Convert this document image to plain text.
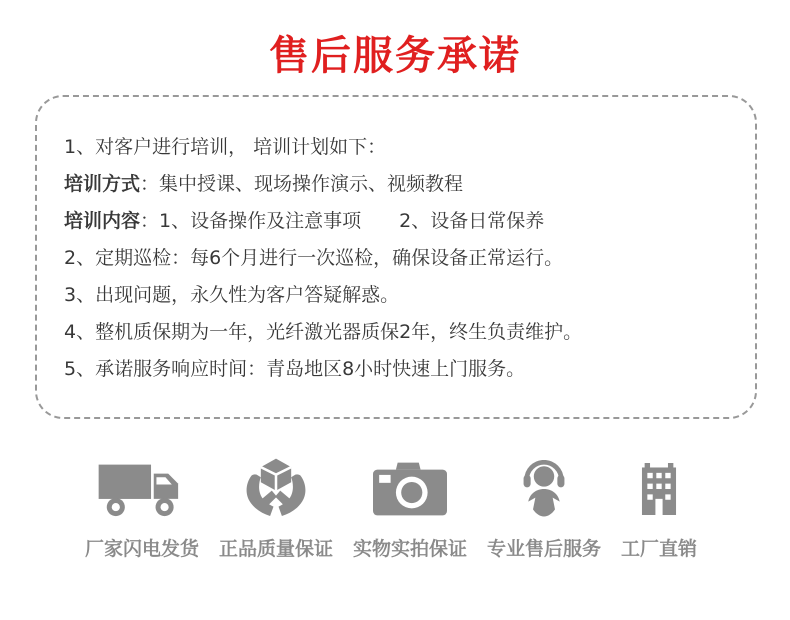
售后服务承诺
1、对客户进行培训， 培训计划如下：
培训方式：集中授课、现场操作演示、视频教程
培训内容：1、设备操作及注意事项　　2、设备日常保养
2、定期巡检：每6个月进行一次巡检，确保设备正常运行。
3、出现问题，永久性为客户答疑解惑。
4、整机质保期为一年，光纤激光器质保2年，终生负责维护。
5、承诺服务响应时间：青岛地区8小时快速上门服务。
厂家闪电发货 正品质量保证 实物实拍保证 专业售后服务 工厂直销
